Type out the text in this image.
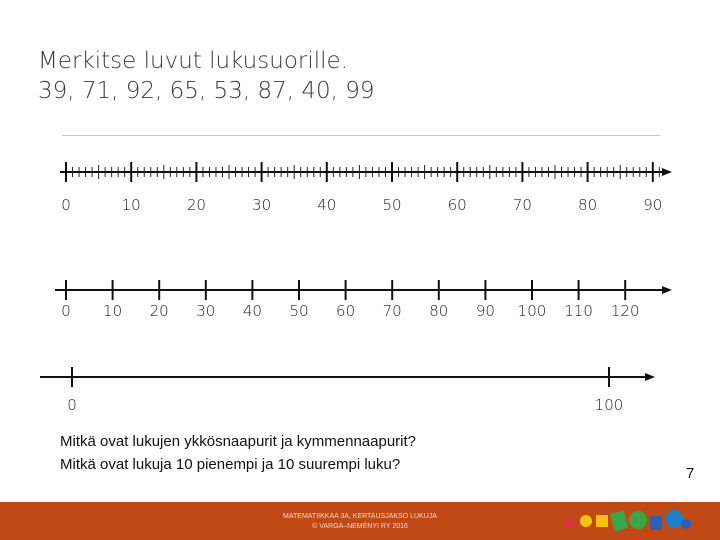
Merkitse luvut lukusuorille.
39, 71, 92, 65, 53, 87, 40, 99
0	10	20	30	40	50	60	70	80	90
0 10 20 30 40 50 60 70 80 90 100 110 120
0	100

Mitkä ovat lukujen ykkösnaapurit ja kymmennaapurit?
Mitkä ovat lukuja 10 pienempi ja 10 suurempi luku?

7
MATEMATIIKKAA 3A, KERTAUSJAKSO LUKUJA
© VARGA–NEMÉNYI RY 2016
